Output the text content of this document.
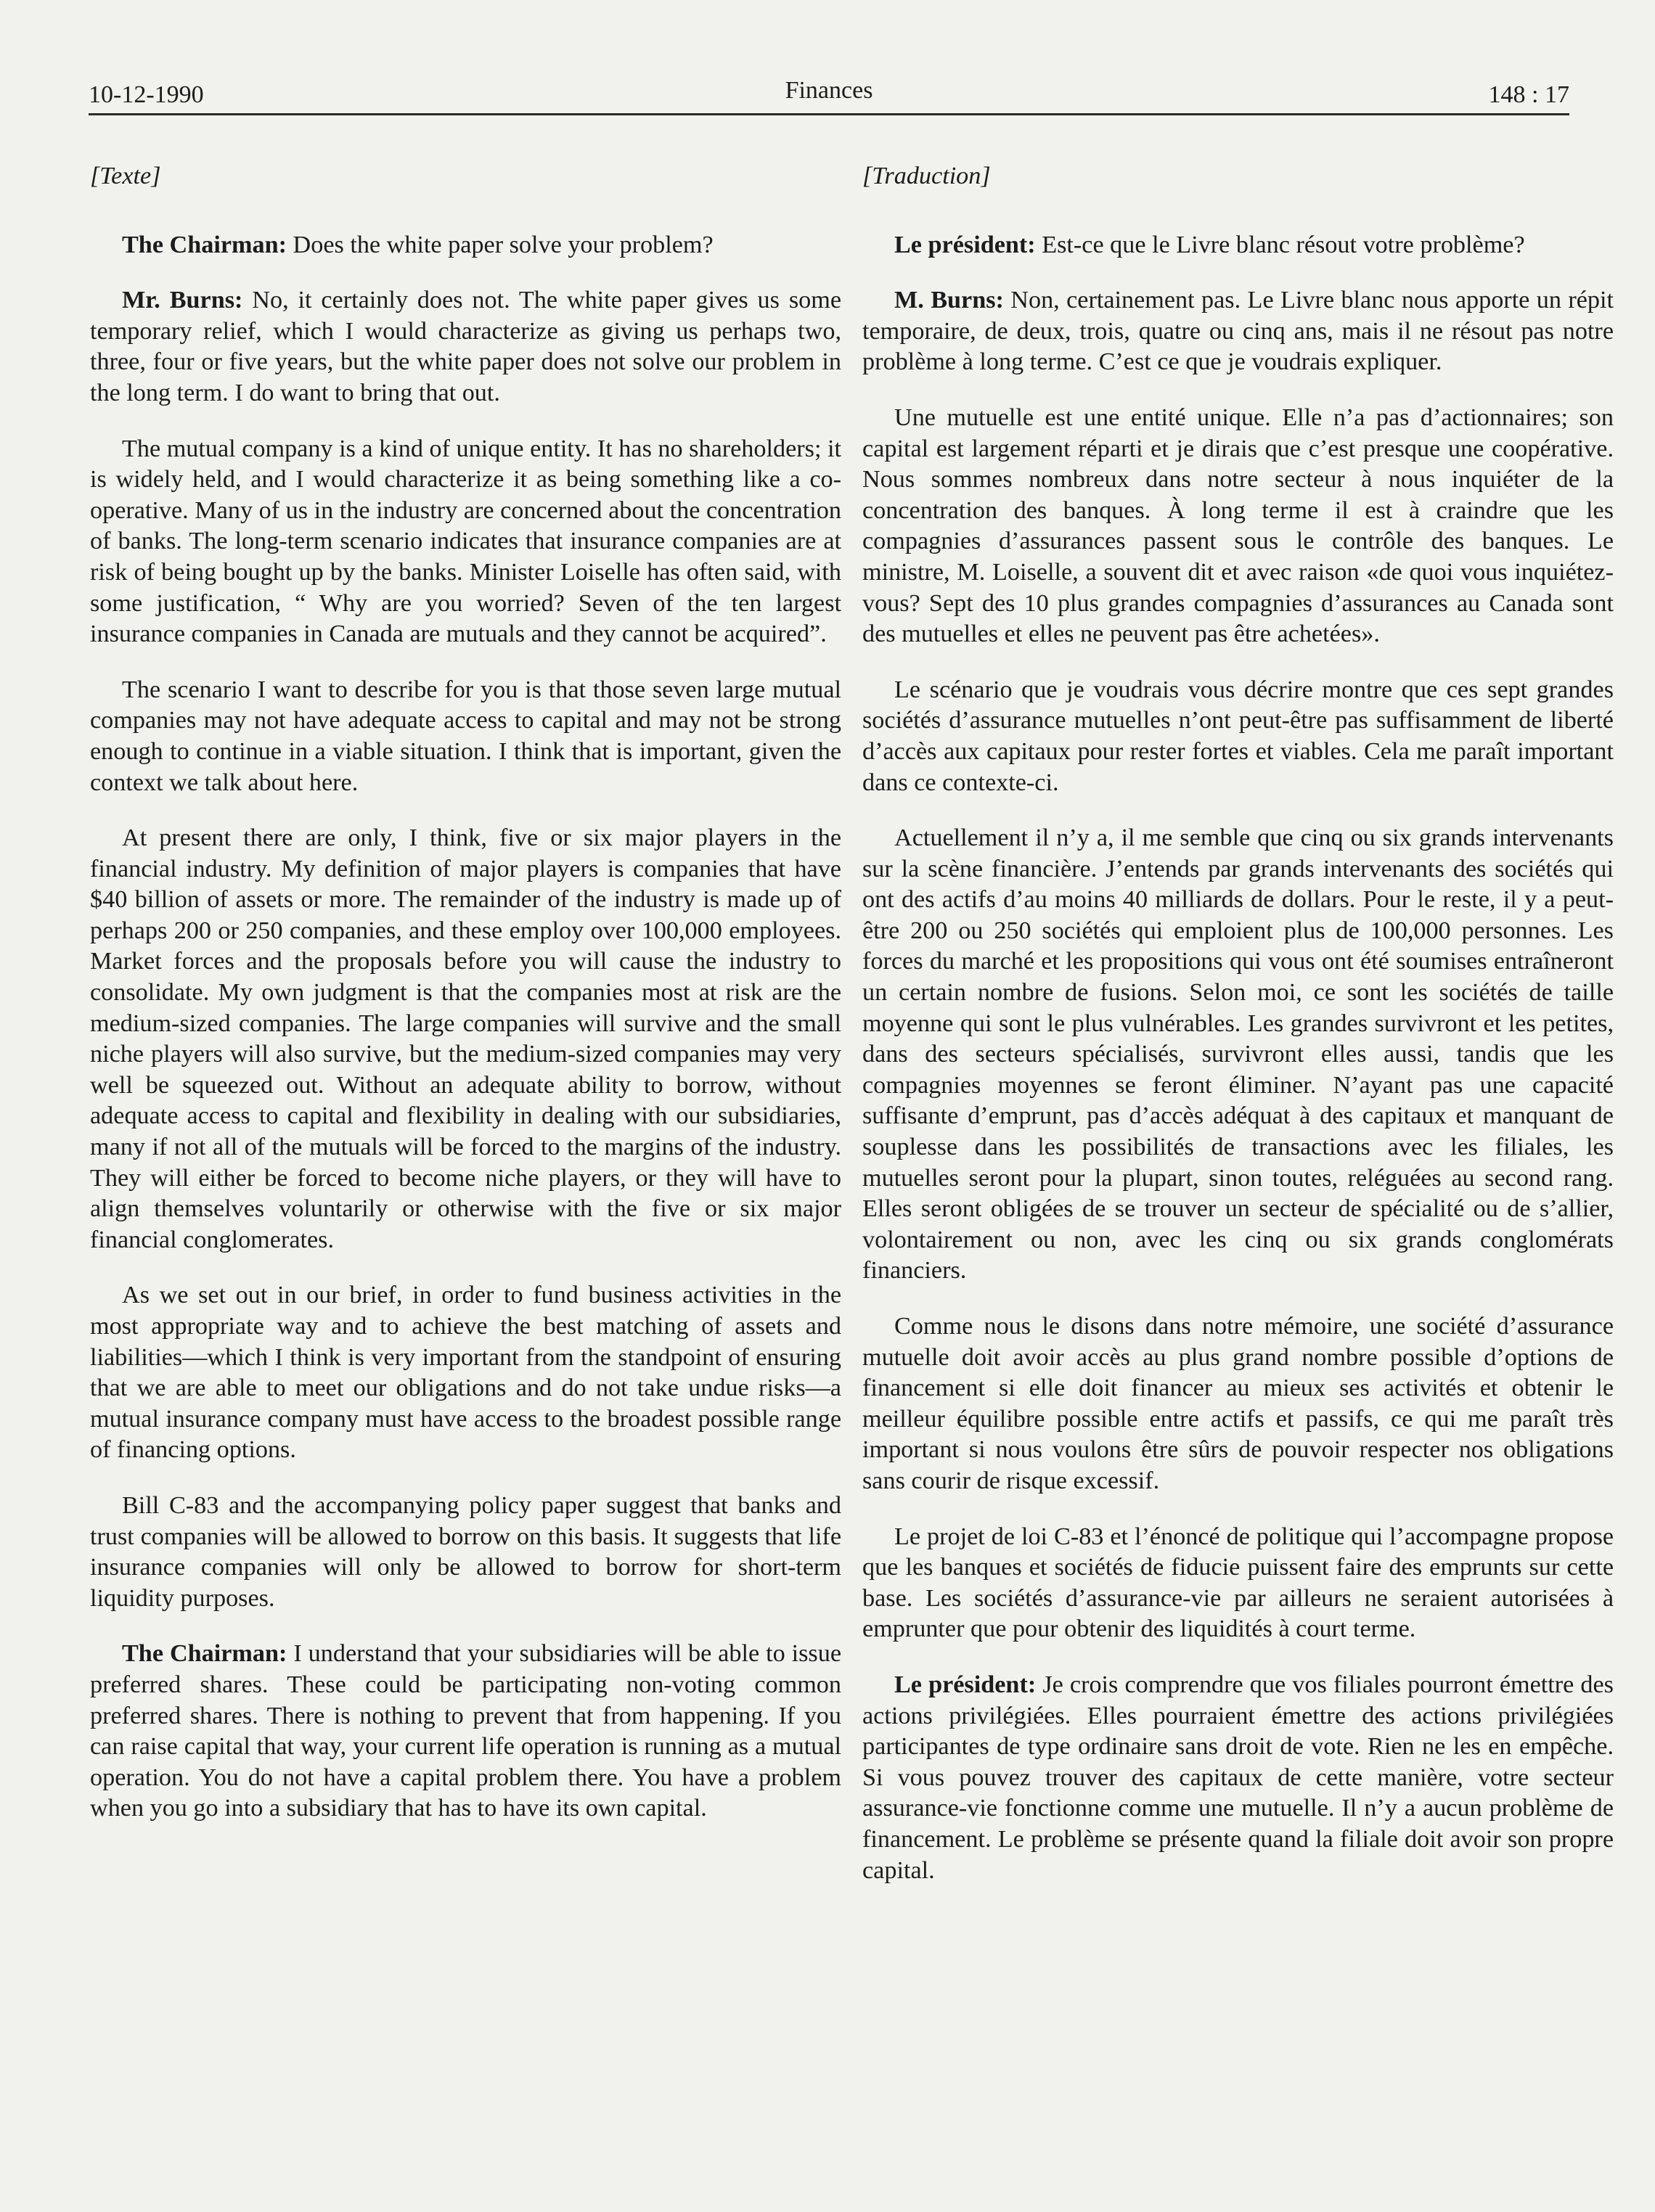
10-12-1990	Finances	148 : 17
[Texte]

The Chairman: Does the white paper solve your problem?

Mr. Burns: No, it certainly does not. The white paper gives us some temporary relief, which I would characterize as giving us perhaps two, three, four or five years, but the white paper does not solve our problem in the long term. I do want to bring that out.

The mutual company is a kind of unique entity. It has no shareholders; it is widely held, and I would characterize it as being something like a co-operative. Many of us in the industry are concerned about the concentration of banks. The long-term scenario indicates that insurance companies are at risk of being bought up by the banks. Minister Loiselle has often said, with some justification, “ Why are you worried? Seven of the ten largest insurance companies in Canada are mutuals and they cannot be acquired”.

The scenario I want to describe for you is that those seven large mutual companies may not have adequate access to capital and may not be strong enough to continue in a viable situation. I think that is important, given the context we talk about here.

At present there are only, I think, five or six major players in the financial industry. My definition of major players is companies that have $40 billion of assets or more. The remainder of the industry is made up of perhaps 200 or 250 companies, and these employ over 100,000 employees. Market forces and the proposals before you will cause the industry to consolidate. My own judgment is that the companies most at risk are the medium-sized companies. The large companies will survive and the small niche players will also survive, but the medium-sized companies may very well be squeezed out. Without an adequate ability to borrow, without adequate access to capital and flexibility in dealing with our subsidiaries, many if not all of the mutuals will be forced to the margins of the industry. They will either be forced to become niche players, or they will have to align themselves voluntarily or otherwise with the five or six major financial conglomerates.

As we set out in our brief, in order to fund business activities in the most appropriate way and to achieve the best matching of assets and liabilities—which I think is very important from the standpoint of ensuring that we are able to meet our obligations and do not take undue risks—a mutual insurance company must have access to the broadest possible range of financing options.

Bill C-83 and the accompanying policy paper suggest that banks and trust companies will be allowed to borrow on this basis. It suggests that life insurance companies will only be allowed to borrow for short-term liquidity purposes.

The Chairman: I understand that your subsidiaries will be able to issue preferred shares. These could be participating non-voting common preferred shares. There is nothing to prevent that from happening. If you can raise capital that way, your current life operation is running as a mutual operation. You do not have a capital problem there. You have a problem when you go into a subsidiary that has to have its own capital.

[Traduction]

Le président: Est-ce que le Livre blanc résout votre problème?

M. Burns: Non, certainement pas. Le Livre blanc nous apporte un répit temporaire, de deux, trois, quatre ou cinq ans, mais il ne résout pas notre problème à long terme. C’est ce que je voudrais expliquer.

Une mutuelle est une entité unique. Elle n’a pas d’actionnaires; son capital est largement réparti et je dirais que c’est presque une coopérative. Nous sommes nombreux dans notre secteur à nous inquiéter de la concentration des banques. À long terme il est à craindre que les compagnies d’assurances passent sous le contrôle des banques. Le ministre, M. Loiselle, a souvent dit et avec raison «de quoi vous inquiétez-vous? Sept des 10 plus grandes compagnies d’assurances au Canada sont des mutuelles et elles ne peuvent pas être achetées».

Le scénario que je voudrais vous décrire montre que ces sept grandes sociétés d’assurance mutuelles n’ont peut-être pas suffisamment de liberté d’accès aux capitaux pour rester fortes et viables. Cela me paraît important dans ce contexte-ci.

Actuellement il n’y a, il me semble que cinq ou six grands intervenants sur la scène financière. J’entends par grands intervenants des sociétés qui ont des actifs d’au moins 40 milliards de dollars. Pour le reste, il y a peut-être 200 ou 250 sociétés qui emploient plus de 100,000 personnes. Les forces du marché et les propositions qui vous ont été soumises entraîneront un certain nombre de fusions. Selon moi, ce sont les sociétés de taille moyenne qui sont le plus vulnérables. Les grandes survivront et les petites, dans des secteurs spécialisés, survivront elles aussi, tandis que les compagnies moyennes se feront éliminer. N’ayant pas une capacité suffisante d’emprunt, pas d’accès adéquat à des capitaux et manquant de souplesse dans les possibilités de transactions avec les filiales, les mutuelles seront pour la plupart, sinon toutes, reléguées au second rang. Elles seront obligées de se trouver un secteur de spécialité ou de s’allier, volontairement ou non, avec les cinq ou six grands conglomérats financiers.

Comme nous le disons dans notre mémoire, une société d’assurance mutuelle doit avoir accès au plus grand nombre possible d’options de financement si elle doit financer au mieux ses activités et obtenir le meilleur équilibre possible entre actifs et passifs, ce qui me paraît très important si nous voulons être sûrs de pouvoir respecter nos obligations sans courir de risque excessif.

Le projet de loi C-83 et l’énoncé de politique qui l’accompagne propose que les banques et sociétés de fiducie puissent faire des emprunts sur cette base. Les sociétés d’assurance-vie par ailleurs ne seraient autorisées à emprunter que pour obtenir des liquidités à court terme.

Le président: Je crois comprendre que vos filiales pourront émettre des actions privilégiées. Elles pourraient émettre des actions privilégiées participantes de type ordinaire sans droit de vote. Rien ne les en empêche. Si vous pouvez trouver des capitaux de cette manière, votre secteur assurance-vie fonctionne comme une mutuelle. Il n’y a aucun problème de financement. Le problème se présente quand la filiale doit avoir son propre capital.
